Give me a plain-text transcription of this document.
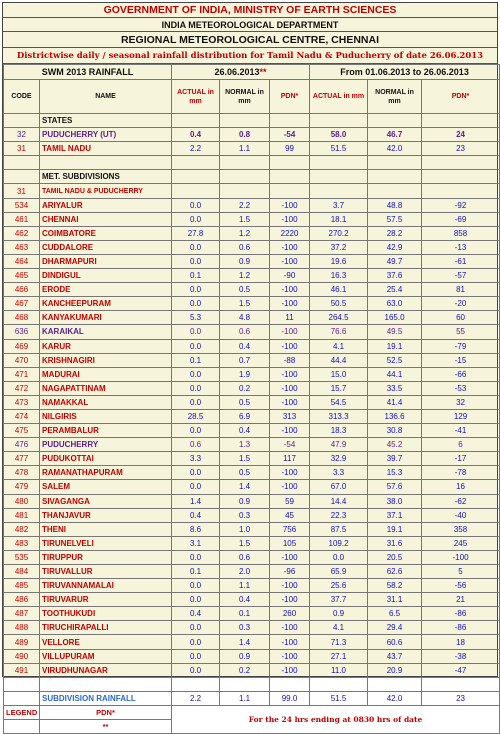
GOVERNMENT OF INDIA, MINISTRY OF EARTH SCIENCES
INDIA METEOROLOGICAL DEPARTMENT
REGIONAL METEOROLOGICAL CENTRE, CHENNAI
Districtwise daily / seasonal rainfall distribution for Tamil Nadu & Puducherry of date 26.06.2013
SWM 2013 RAINFALL		26.06.2013**			From 01.06.2013 to 26.06.2013		
CODE	NAME	ACTUAL in mm	NORMAL in mm	PDN*	ACTUAL in mm	NORMAL in mm	PDN*
	STATES						
32	PUDUCHERRY (UT)	0.4	0.8	-54	58.0	46.7	24
31	TAMIL NADU	2.2	1.1	99	51.5	42.0	23

	MET. SUBDIVISIONS						
31	TAMIL NADU & PUDUCHERRY						
534	ARIYALUR	0.0	2.2	-100	3.7	48.8	-92
461	CHENNAI	0.0	1.5	-100	18.1	57.5	-69
462	COIMBATORE	27.8	1.2	2220	270.2	28.2	858
463	CUDDALORE	0.0	0.6	-100	37.2	42.9	-13
464	DHARMAPURI	0.0	0.9	-100	19.6	49.7	-61
465	DINDIGUL	0.1	1.2	-90	16.3	37.6	-57
466	ERODE	0.0	0.5	-100	46.1	25.4	81
467	KANCHEEPURAM	0.0	1.5	-100	50.5	63.0	-20
468	KANYAKUMARI	5.3	4.8	11	264.5	165.0	60
636	KARAIKAL	0.0	0.6	-100	76.6	49.5	55
469	KARUR	0.0	0.4	-100	4.1	19.1	-79
470	KRISHNAGIRI	0.1	0.7	-88	44.4	52.5	-15
471	MADURAI	0.0	1.9	-100	15.0	44.1	-66
472	NAGAPATTINAM	0.0	0.2	-100	15.7	33.5	-53
473	NAMAKKAL	0.0	0.5	-100	54.5	41.4	32
474	NILGIRIS	28.5	6.9	313	313.3	136.6	129
475	PERAMBALUR	0.0	0.4	-100	18.3	30.8	-41
476	PUDUCHERRY	0.6	1.3	-54	47.9	45.2	6
477	PUDUKOTTAI	3.3	1.5	117	32.9	39.7	-17
478	RAMANATHAPURAM	0.0	0.5	-100	3.3	15.3	-78
479	SALEM	0.0	1.4	-100	67.0	57.6	16
480	SIVAGANGA	1.4	0.9	59	14.4	38.0	-62
481	THANJAVUR	0.4	0.3	45	22.3	37.1	-40
482	THENI	8.6	1.0	756	87.5	19.1	358
483	TIRUNELVELI	3.1	1.5	105	109.2	31.6	245
535	TIRUPPUR	0.0	0.6	-100	0.0	20.5	-100
484	TIRUVALLUR	0.1	2.0	-96	65.9	62.6	5
485	TIRUVANNAMALAI	0.0	1.1	-100	25.6	58.2	-56
486	TIRUVARUR	0.0	0.4	-100	37.7	31.1	21
487	TOOTHUKUDI	0.4	0.1	260	0.9	6.5	-86
488	TIRUCHIRAPALLI	0.0	0.3	-100	4.1	29.4	-86
489	VELLORE	0.0	1.4	-100	71.3	60.6	18
490	VILLUPURAM	0.0	0.9	-100	27.1	43.7	-38
491	VIRUDHUNAGAR	0.0	0.2	-100	11.0	20.9	-47

	SUBDIVISION RAINFALL	2.2	1.1	99.0	51.5	42.0	23
LEGEND	PDN*	For the 24 hrs ending at 0830 hrs of date					
	**						
